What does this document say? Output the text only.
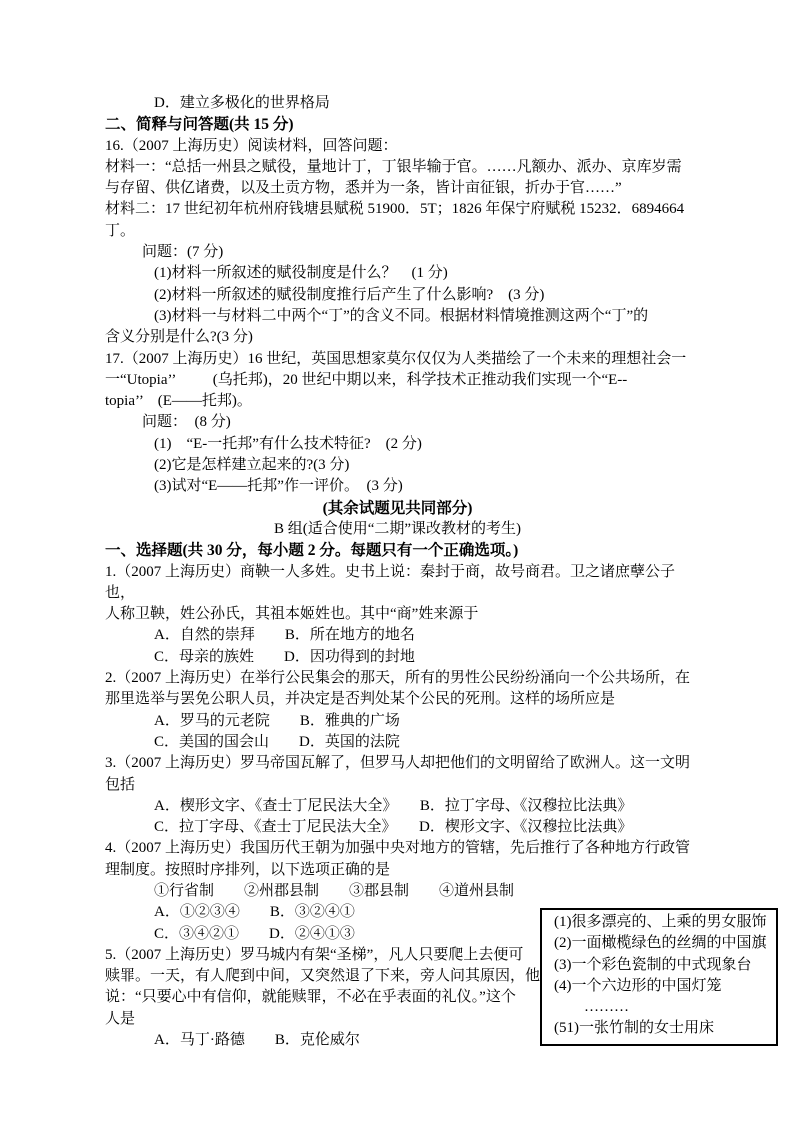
D．建立多极化的世界格局
二、简释与问答题(共 15 分)
16.（2007 上海历史）阅读材料，回答问题：
材料一：“总括一州县之赋役，量地计丁，丁银毕输于官。……凡额办、派办、京库岁需
与存留、供亿诸费，以及土贡方物，悉并为一条，皆计亩征银，折办于官……”
材料二：17 世纪初年杭州府钱塘县赋税 51900．5T；1826 年保宁府赋税 15232．6894664
丁。
问题：(7 分)
(1)材料一所叙述的赋役制度是什么？　(1 分)
(2)材料一所叙述的赋役制度推行后产生了什么影响?　(3 分)
(3)材料一与材料二中两个“丁”的含义不同。根据材料情境推测这两个“丁”的
含义分别是什么?(3 分)
17.（2007 上海历史）16 世纪，英国思想家莫尔仅仅为人类描绘了一个未来的理想社会一
一“Utopia’’          (乌托邦)，20 世纪中期以来，科学技术正推动我们实现一个“E--
topia’’　(E——托邦)。
问题：　(8 分)
(1)　“E-一托邦”有什么技术特征?　(2 分)
(2)它是怎样建立起来的?(3 分)
(3)试对“E——托邦”作一评价。　(3 分)
(其余试题见共同部分)
B 组(适合使用“二期”课改教材的考生)
一、选择题(共 30 分，每小题 2 分。每题只有一个正确选项。)
1.（2007 上海历史）商鞅一人多姓。史书上说：秦封于商，故号商君。卫之诸庶孽公子也，
人称卫鞅，姓公孙氏，其祖本姬姓也。其中“商”姓来源于
A．自然的崇拜　　B．所在地方的地名
C．母亲的族姓　　D．因功得到的封地
2.（2007 上海历史）在举行公民集会的那天，所有的男性公民纷纷涌向一个公共场所，在
那里选举与罢免公职人员，并决定是否判处某个公民的死刑。这样的场所应是
A．罗马的元老院　　B．雅典的广场
C．美国的国会山　　D．英国的法院
3.（2007 上海历史）罗马帝国瓦解了，但罗马人却把他们的文明留给了欧洲人。这一文明
包括
A．楔形文字、《查士丁尼民法大全》　　B．拉丁字母、《汉穆拉比法典》
C．拉丁字母、《查士丁尼民法大全》　　D．楔形文字、《汉穆拉比法典》
4.（2007 上海历史）我国历代王朝为加强中央对地方的管辖，先后推行了各种地方行政管
理制度。按照时序排列，以下选项正确的是
①行省制　　②州郡县制　　③郡县制　　④道州县制
A．①②③④　　B．③②④①
C．③④②①　　D．②④①③
5.（2007 上海历史）罗马城内有架“圣梯”，凡人只要爬上去便可
赎罪。一天，有人爬到中间，又突然退了下来，旁人问其原因，他
说：“只要心中有信仰，就能赎罪，不必在乎表面的礼仪。”这个
人是
A．马丁·路德　　B．克伦威尔
(1)很多漂亮的、上乘的男女服饰
(2)一面橄榄绿色的丝绸的中国旗
(3)一个彩色瓷制的中式现象台
(4)一个六边形的中国灯笼
　　………
(51)一张竹制的女士用床
